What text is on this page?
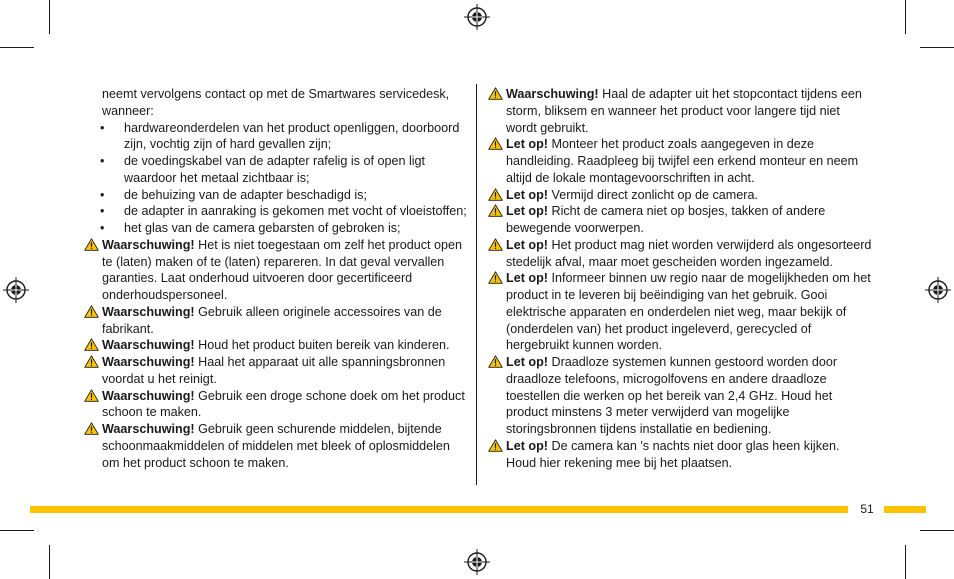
neemt vervolgens contact op met de Smartwares servicedesk, wanneer:
• hardwareonderdelen van het product openliggen, doorboord zijn, vochtig zijn of hard gevallen zijn;
• de voedingskabel van de adapter rafelig is of open ligt waardoor het metaal zichtbaar is;
• de behuizing van de adapter beschadigd is;
• de adapter in aanraking is gekomen met vocht of vloeistoffen;
• het glas van de camera gebarsten of gebroken is;
Waarschuwing! Het is niet toegestaan om zelf het product open te (laten) maken of te (laten) repareren. In dat geval vervallen garanties. Laat onderhoud uitvoeren door gecertificeerd onderhoudspersoneel.
Waarschuwing! Gebruik alleen originele accessoires van de fabrikant.
Waarschuwing! Houd het product buiten bereik van kinderen.
Waarschuwing! Haal het apparaat uit alle spanningsbronnen voordat u het reinigt.
Waarschuwing! Gebruik een droge schone doek om het product schoon te maken.
Waarschuwing! Gebruik geen schurende middelen, bijtende schoonmaakmiddelen of middelen met bleek of oplosmiddelen om het product schoon te maken.
Waarschuwing! Haal de adapter uit het stopcontact tijdens een storm, bliksem en wanneer het product voor langere tijd niet wordt gebruikt.
Let op! Monteer het product zoals aangegeven in deze handleiding. Raadpleeg bij twijfel een erkend monteur en neem altijd de lokale montagevoorschriften in acht.
Let op! Vermijd direct zonlicht op de camera.
Let op! Richt de camera niet op bosjes, takken of andere bewegende voorwerpen.
Let op! Het product mag niet worden verwijderd als ongesorteerd stedelijk afval, maar moet gescheiden worden ingezameld.
Let op! Informeer binnen uw regio naar de mogelijkheden om het product in te leveren bij beëindiging van het gebruik. Gooi elektrische apparaten en onderdelen niet weg, maar bekijk of (onderdelen van) het product ingeleverd, gerecycled of hergebruikt kunnen worden.
Let op! Draadloze systemen kunnen gestoord worden door draadloze telefoons, microgolfovens en andere draadloze toestellen die werken op het bereik van 2,4 GHz. Houd het product minstens 3 meter verwijderd van mogelijke storingsbronnen tijdens installatie en bediening.
Let op! De camera kan 's nachts niet door glas heen kijken. Houd hier rekening mee bij het plaatsen.
51
